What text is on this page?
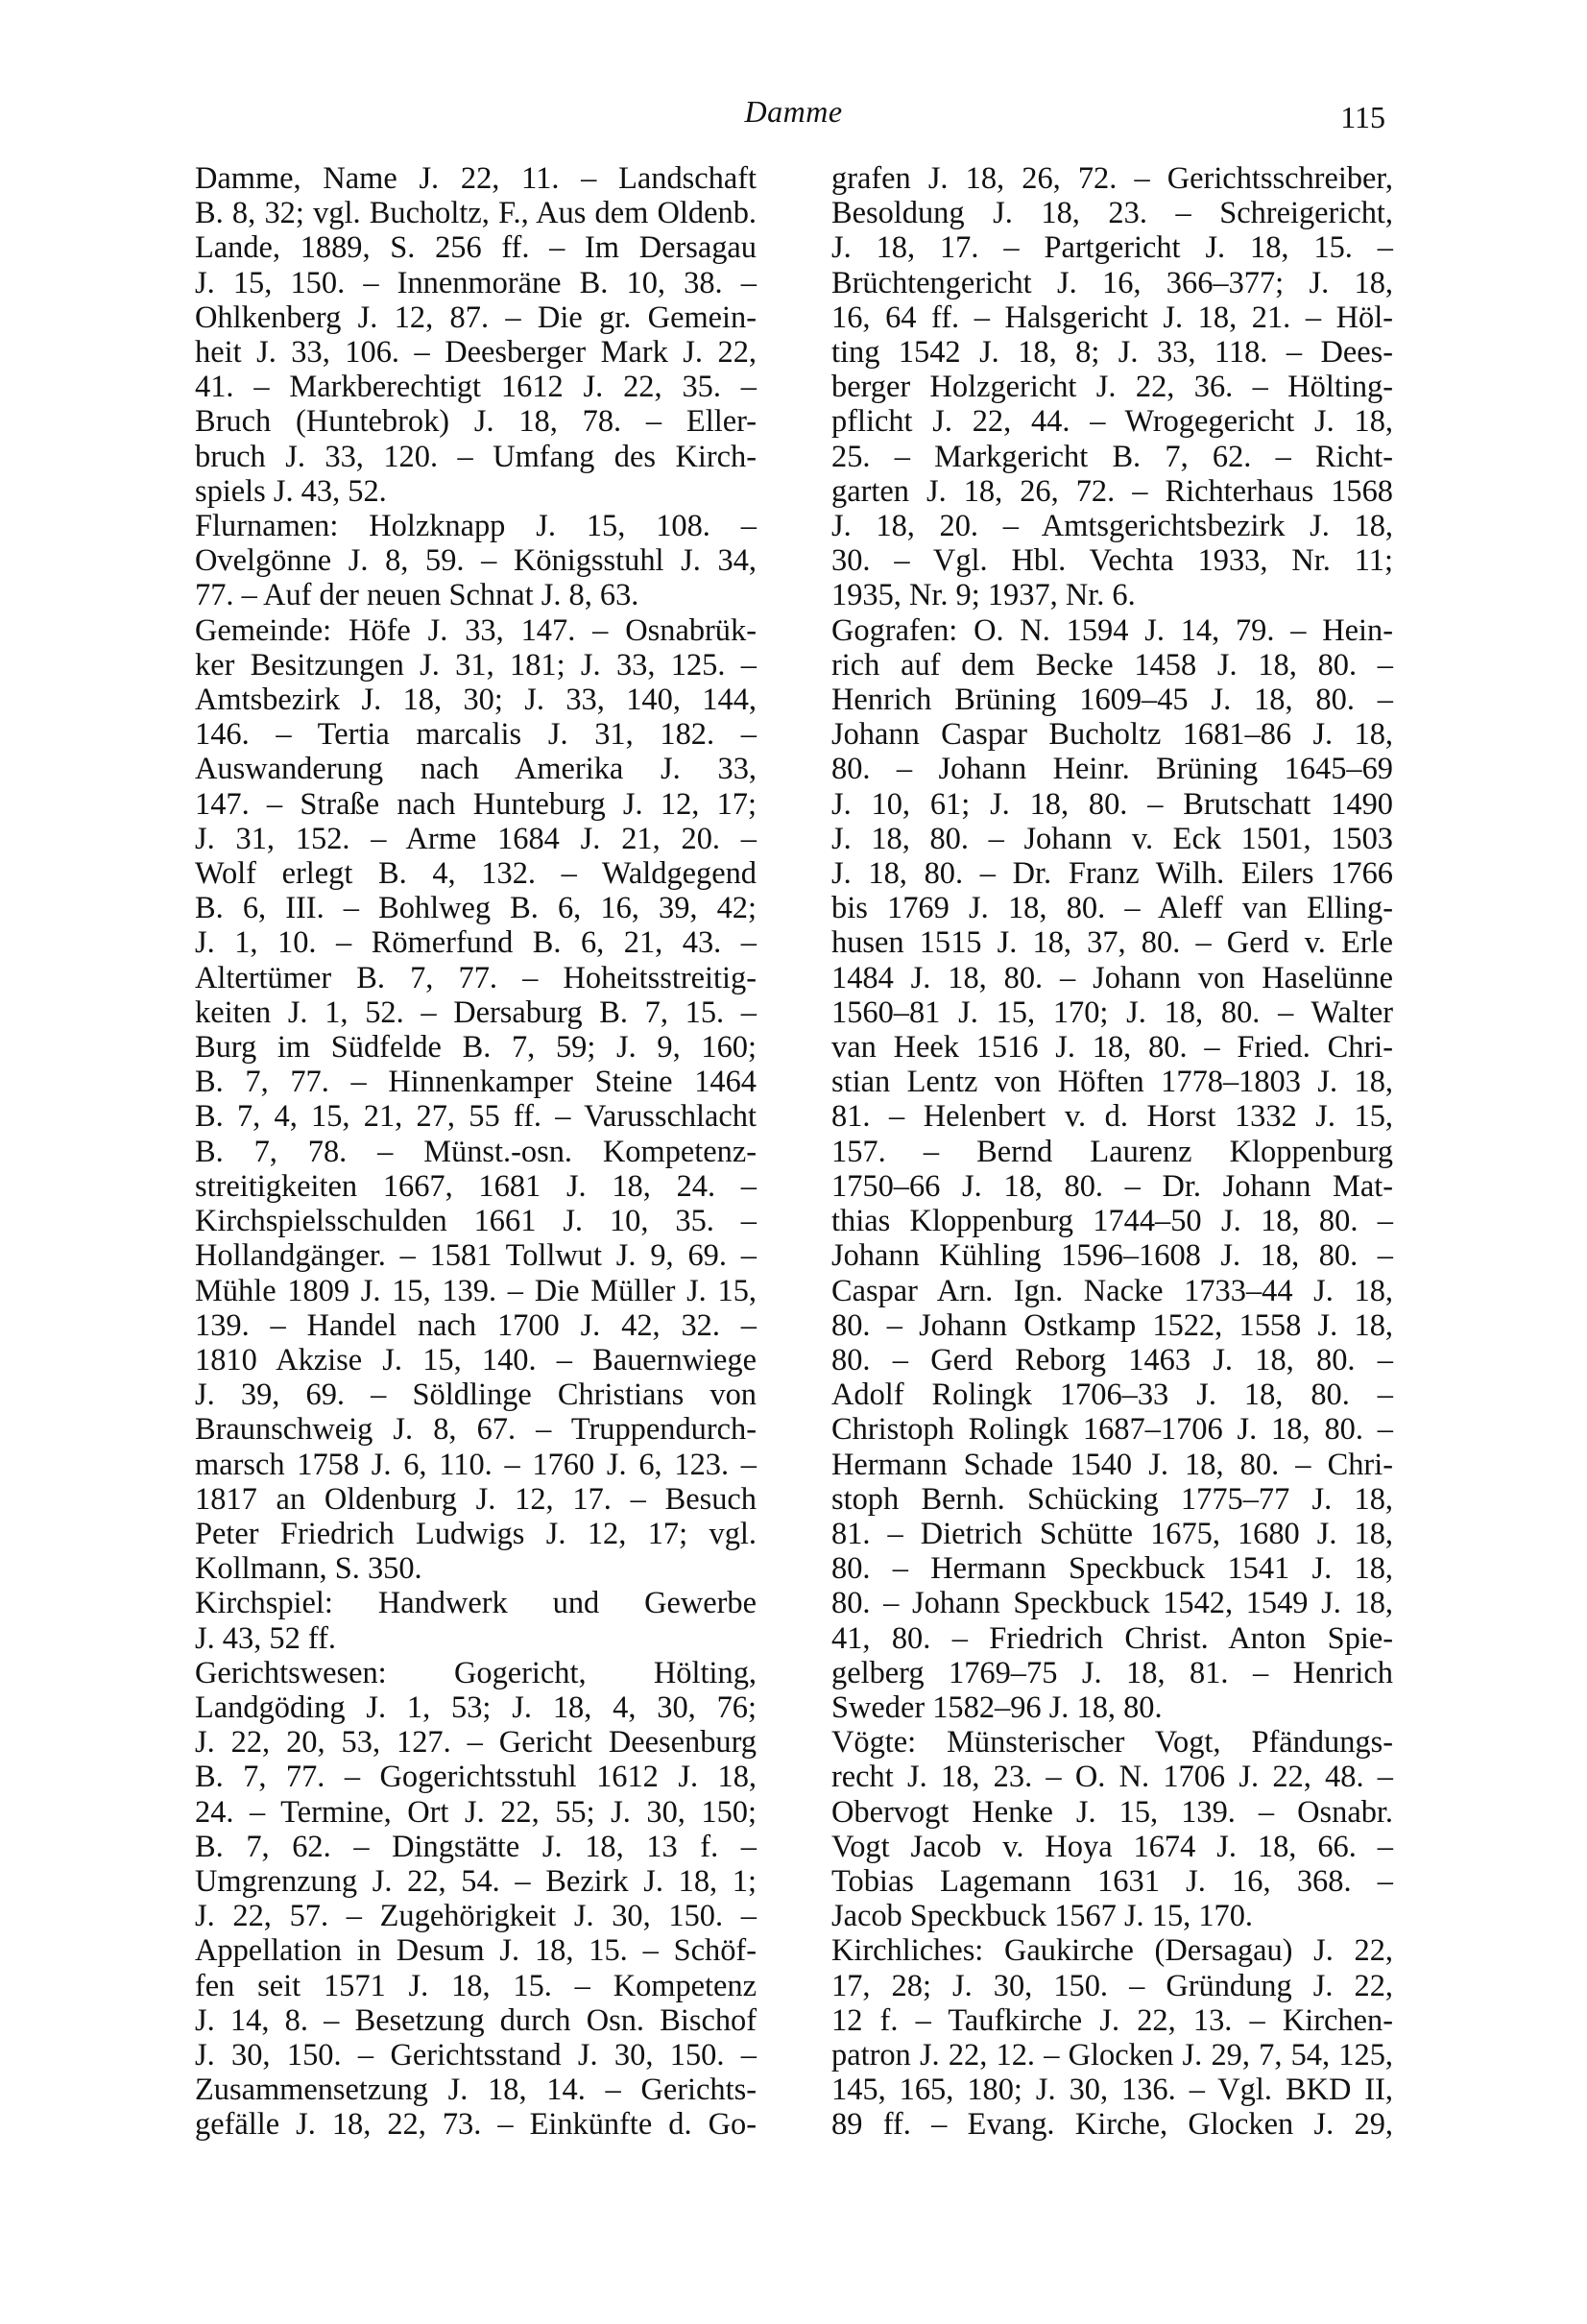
Damme	115
Damme, Name J. 22, 11. – Landschaft
B. 8, 32; vgl. Bucholtz, F., Aus dem Oldenb.
Lande, 1889, S. 256 ff. – Im Dersagau
J. 15, 150. – Innenmoräne B. 10, 38. –
Ohlkenberg J. 12, 87. – Die gr. Gemein-
heit J. 33, 106. – Deesberger Mark J. 22,
41. – Markberechtigt 1612 J. 22, 35. –
Bruch (Huntebrok) J. 18, 78. – Eller-
bruch J. 33, 120. – Umfang des Kirch-
spiels J. 43, 52.
Flurnamen: Holzknapp J. 15, 108. –
Ovelgönne J. 8, 59. – Königsstuhl J. 34,
77. – Auf der neuen Schnat J. 8, 63.
Gemeinde: Höfe J. 33, 147. – Osnabrük-
ker Besitzungen J. 31, 181; J. 33, 125. –
Amtsbezirk J. 18, 30; J. 33, 140, 144,
146. – Tertia marcalis J. 31, 182. –
Auswanderung nach Amerika J. 33,
147. – Straße nach Hunteburg J. 12, 17;
J. 31, 152. – Arme 1684 J. 21, 20. –
Wolf erlegt B. 4, 132. – Waldgegend
B. 6, III. – Bohlweg B. 6, 16, 39, 42;
J. 1, 10. – Römerfund B. 6, 21, 43. –
Altertümer B. 7, 77. – Hoheitsstreitig-
keiten J. 1, 52. – Dersaburg B. 7, 15. –
Burg im Südfelde B. 7, 59; J. 9, 160;
B. 7, 77. – Hinnenkamper Steine 1464
B. 7, 4, 15, 21, 27, 55 ff. – Varusschlacht
B. 7, 78. – Münst.-osn. Kompetenz-
streitigkeiten 1667, 1681 J. 18, 24. –
Kirchspielsschulden 1661 J. 10, 35. –
Hollandgänger. – 1581 Tollwut J. 9, 69. –
Mühle 1809 J. 15, 139. – Die Müller J. 15,
139. – Handel nach 1700 J. 42, 32. –
1810 Akzise J. 15, 140. – Bauernwiege
J. 39, 69. – Söldlinge Christians von
Braunschweig J. 8, 67. – Truppendurch-
marsch 1758 J. 6, 110. – 1760 J. 6, 123. –
1817 an Oldenburg J. 12, 17. – Besuch
Peter Friedrich Ludwigs J. 12, 17; vgl.
Kollmann, S. 350.
Kirchspiel: Handwerk und Gewerbe
J. 43, 52 ff.
Gerichtswesen: Gogericht, Hölting,
Landgöding J. 1, 53; J. 18, 4, 30, 76;
J. 22, 20, 53, 127. – Gericht Deesenburg
B. 7, 77. – Gogerichtsstuhl 1612 J. 18,
24. – Termine, Ort J. 22, 55; J. 30, 150;
B. 7, 62. – Dingstätte J. 18, 13 f. –
Umgrenzung J. 22, 54. – Bezirk J. 18, 1;
J. 22, 57. – Zugehörigkeit J. 30, 150. –
Appellation in Desum J. 18, 15. – Schöf-
fen seit 1571 J. 18, 15. – Kompetenz
J. 14, 8. – Besetzung durch Osn. Bischof
J. 30, 150. – Gerichtsstand J. 30, 150. –
Zusammensetzung J. 18, 14. – Gerichts-
gefälle J. 18, 22, 73. – Einkünfte d. Go-
grafen J. 18, 26, 72. – Gerichtsschreiber,
Besoldung J. 18, 23. – Schreigericht,
J. 18, 17. – Partgericht J. 18, 15. –
Brüchtengericht J. 16, 366–377; J. 18,
16, 64 ff. – Halsgericht J. 18, 21. – Höl-
ting 1542 J. 18, 8; J. 33, 118. – Dees-
berger Holzgericht J. 22, 36. – Hölting-
pflicht J. 22, 44. – Wrogegericht J. 18,
25. – Markgericht B. 7, 62. – Richt-
garten J. 18, 26, 72. – Richterhaus 1568
J. 18, 20. – Amtsgerichtsbezirk J. 18,
30. – Vgl. Hbl. Vechta 1933, Nr. 11;
1935, Nr. 9; 1937, Nr. 6.
Gografen: O. N. 1594 J. 14, 79. – Hein-
rich auf dem Becke 1458 J. 18, 80. –
Henrich Brüning 1609–45 J. 18, 80. –
Johann Caspar Bucholtz 1681–86 J. 18,
80. – Johann Heinr. Brüning 1645–69
J. 10, 61; J. 18, 80. – Brutschatt 1490
J. 18, 80. – Johann v. Eck 1501, 1503
J. 18, 80. – Dr. Franz Wilh. Eilers 1766
bis 1769 J. 18, 80. – Aleff van Elling-
husen 1515 J. 18, 37, 80. – Gerd v. Erle
1484 J. 18, 80. – Johann von Haselünne
1560–81 J. 15, 170; J. 18, 80. – Walter
van Heek 1516 J. 18, 80. – Fried. Chri-
stian Lentz von Höften 1778–1803 J. 18,
81. – Helenbert v. d. Horst 1332 J. 15,
157. – Bernd Laurenz Kloppenburg
1750–66 J. 18, 80. – Dr. Johann Mat-
thias Kloppenburg 1744–50 J. 18, 80. –
Johann Kühling 1596–1608 J. 18, 80. –
Caspar Arn. Ign. Nacke 1733–44 J. 18,
80. – Johann Ostkamp 1522, 1558 J. 18,
80. – Gerd Reborg 1463 J. 18, 80. –
Adolf Rolingk 1706–33 J. 18, 80. –
Christoph Rolingk 1687–1706 J. 18, 80. –
Hermann Schade 1540 J. 18, 80. – Chri-
stoph Bernh. Schücking 1775–77 J. 18,
81. – Dietrich Schütte 1675, 1680 J. 18,
80. – Hermann Speckbuck 1541 J. 18,
80. – Johann Speckbuck 1542, 1549 J. 18,
41, 80. – Friedrich Christ. Anton Spie-
gelberg 1769–75 J. 18, 81. – Henrich
Sweder 1582–96 J. 18, 80.
Vögte: Münsterischer Vogt, Pfändungs-
recht J. 18, 23. – O. N. 1706 J. 22, 48. –
Obervogt Henke J. 15, 139. – Osnabr.
Vogt Jacob v. Hoya 1674 J. 18, 66. –
Tobias Lagemann 1631 J. 16, 368. –
Jacob Speckbuck 1567 J. 15, 170.
Kirchliches: Gaukirche (Dersagau) J. 22,
17, 28; J. 30, 150. – Gründung J. 22,
12 f. – Taufkirche J. 22, 13. – Kirchen-
patron J. 22, 12. – Glocken J. 29, 7, 54, 125,
145, 165, 180; J. 30, 136. – Vgl. BKD II,
89 ff. – Evang. Kirche, Glocken J. 29,
